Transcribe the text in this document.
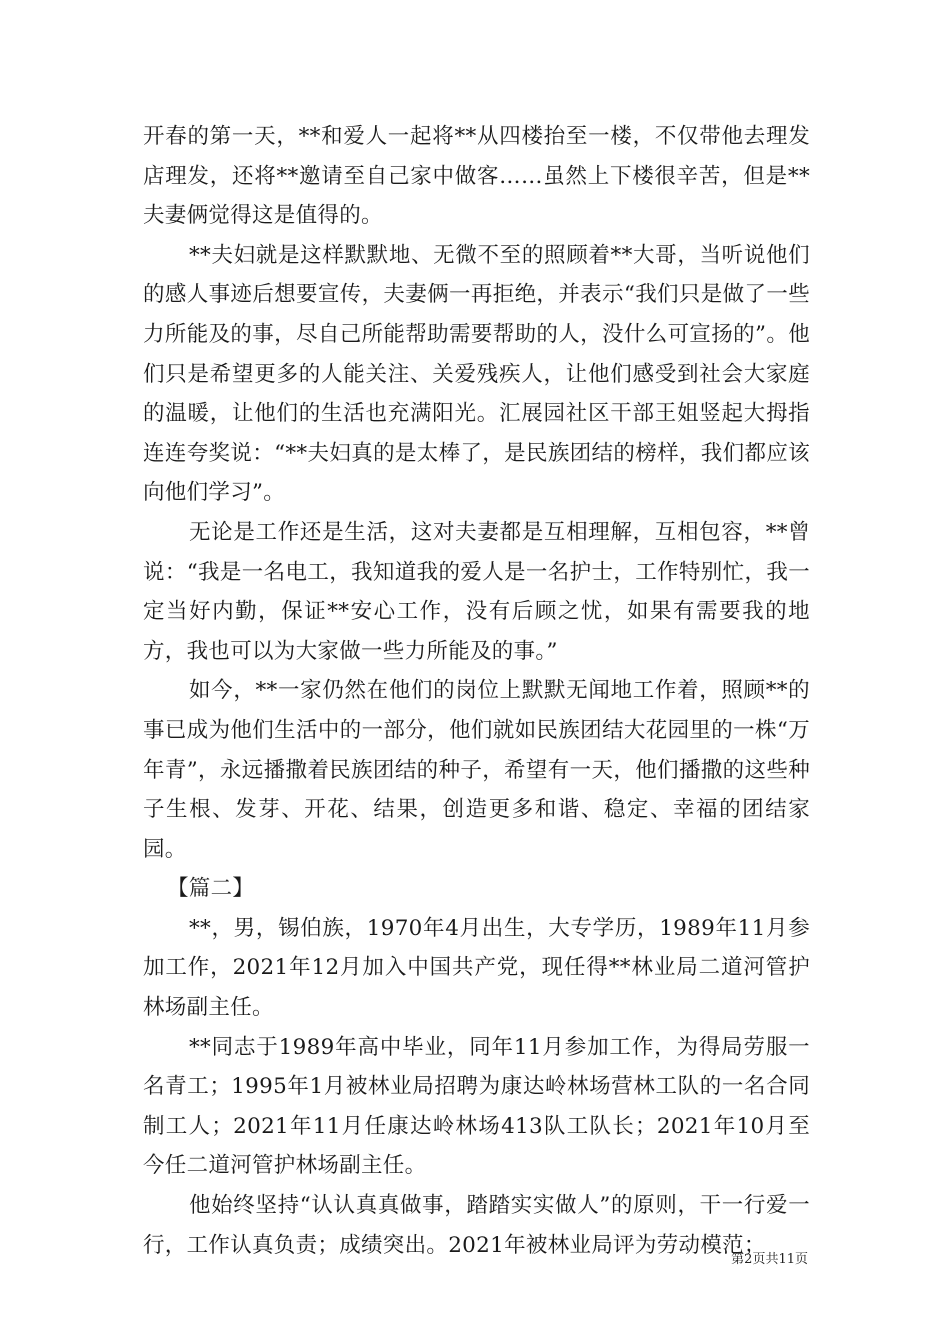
开春的第一天，**和爱人一起将**从四楼抬至一楼，不仅带他去理发店理发，还将**邀请至自己家中做客……虽然上下楼很辛苦，但是**夫妻俩觉得这是值得的。

**夫妇就是这样默默地、无微不至的照顾着**大哥，当听说他们的感人事迹后想要宣传，夫妻俩一再拒绝，并表示“我们只是做了一些力所能及的事，尽自己所能帮助需要帮助的人，没什么可宣扬的”。他们只是希望更多的人能关注、关爱残疾人，让他们感受到社会大家庭的温暖，让他们的生活也充满阳光。汇展园社区干部王姐竖起大拇指连连夸奖说：“**夫妇真的是太棒了，是民族团结的榜样，我们都应该向他们学习”。

无论是工作还是生活，这对夫妻都是互相理解，互相包容，**曾说：“我是一名电工，我知道我的爱人是一名护士，工作特别忙，我一定当好内勤，保证**安心工作，没有后顾之忧，如果有需要我的地方，我也可以为大家做一些力所能及的事。”

如今，**一家仍然在他们的岗位上默默无闻地工作着，照顾**的事已成为他们生活中的一部分，他们就如民族团结大花园里的一株“万年青”，永远播撒着民族团结的种子，希望有一天，他们播撒的这些种子生根、发芽、开花、结果，创造更多和谐、稳定、幸福的团结家园。

【篇二】

**，男，锡伯族，1970年4月出生，大专学历，1989年11月参加工作，2021年12月加入中国共产党，现任得**林业局二道河管护林场副主任。

**同志于1989年高中毕业，同年11月参加工作，为得局劳服一名青工；1995年1月被林业局招聘为康达岭林场营林工队的一名合同制工人；2021年11月任康达岭林场413队工队长；2021年10月至今任二道河管护林场副主任。

他始终坚持“认认真真做事，踏踏实实做人”的原则，干一行爱一行，工作认真负责；成绩突出。2021年被林业局评为劳动模范；

第2页共11页
